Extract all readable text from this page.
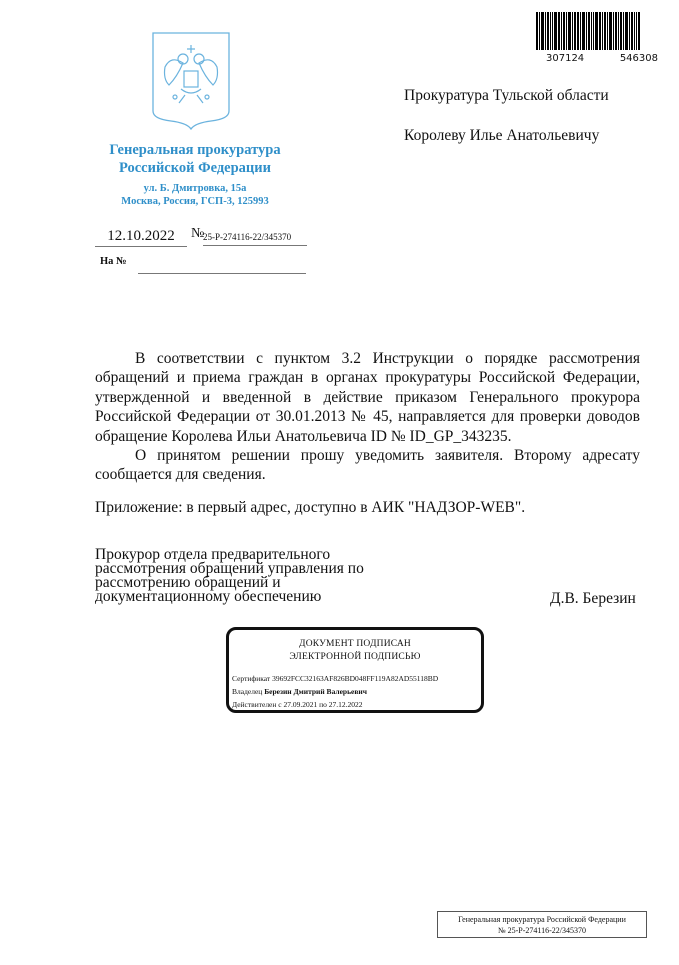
307124	546308
Генеральная прокуратура
Российской Федерации
ул. Б. Дмитровка, 15а
Москва, Россия, ГСП-3, 125993
12.10.2022	№
25-Р-274116-22/345370
На №
Прокуратура Тульской области
Королеву Илье Анатольевичу

В соответствии с пунктом 3.2 Инструкции о порядке рассмотрения обращений и приема граждан в органах прокуратуры Российской Федерации, утвержденной и введенной в действие приказом Генерального прокурора Российской Федерации от 30.01.2013 № 45, направляется для проверки доводов обращение Королева Ильи Анатольевича ID № ID_GP_343235.

О принятом решении прошу уведомить заявителя. Второму адресату сообщается для сведения.

Приложение: в первый адрес, доступно в АИК "НАДЗОР-WEB".
Прокурор отдела предварительного
рассмотрения обращений управления по
рассмотрению обращений и
документационному обеспечению	Д.В. Березин
ДОКУМЕНТ ПОДПИСАН
ЭЛЕКТРОННОЙ ПОДПИСЬЮ
Сертификат 39692FCC32163AF826BD048FF119A82AD55118BD
Владелец Березин Дмитрий Валерьевич
Действителен с 27.09.2021 по 27.12.2022
Генеральная прокуратура Российской Федерации
№ 25-Р-274116-22/345370
